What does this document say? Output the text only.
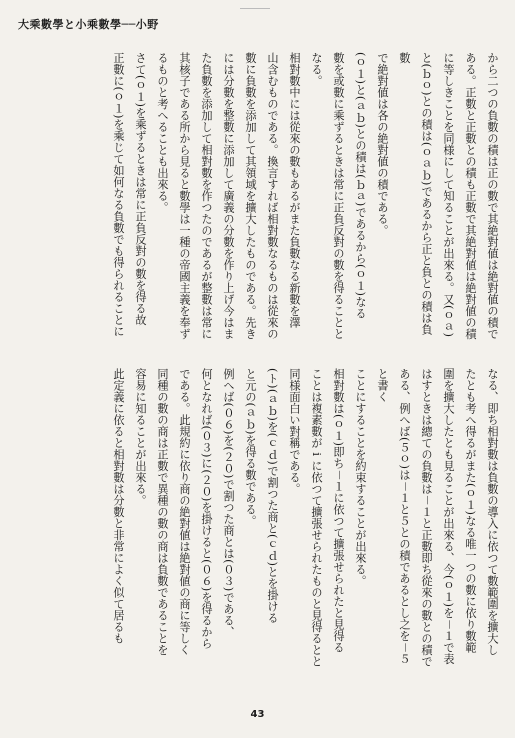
大乘數學と小乘數學──小野

から二つの負數の積は正の數で其絶對値は絶對値の積で

ある。正數と正數との積も正數で其絶對値は絶對値の積

に等しきことを同様にして知ることが出來る。又(ｏａ)

と(ｂｏ)との積は(ｏａｂ)であるから正と負との積は負數

で絶對値は各の絶對値の積である。

(ｏ１)と(ａｂ)との積は(ｂａ)であるから(ｏ１)なる

數を或數に乘ずるときは常に正負反對の數を得ることと

なる。

相對數中には從來の數もあるがまた負數なる新數を澤

山含むものである。換言すれば相對數なるものは從來の

數に負數を添加して其領域を擴大したものである。先き

には分數を整數に添加して廣義の分數を作り上げ今はま

た負數を添加して相對數を作つたのであるが整數は常に

其核子である所から見ると數學は一種の帝國主義を奉ず

るものと考へることも出來る。

さて(ｏ１)を乘ずるときは常に正負反對の數を得る故

正數に(ｏ１)を乘じて如何なる負數でも得られることに

なる、即ち相對數は負數の導入に依つて數範圍を擴大し

たとも考へ得るがまた(ｏ１)なる唯一つの數に依り數範

圍を擴大したとも見ることが出來る、今(ｏ１)を－１で表

はすときは總ての負數は－１と正數即ち從來の數との積で

ある、例へば(５ｏ)は－１と５との積であるとし之を－５と書く

ことにすることを約束することが出來る。

相對數は(ｏ１)即ち－１に依つて擴張せられたと見得る

ことは複素數が i に依つて擴張せられたものと見得るとと

同様面白い對稱である。

(ト)(ａｂ)を(ｃｄ)で割つた商と(ｃｄ)とを掛ける

と元の(ａｂ)を得る數である。

例へば(０６)を(２０)で割つた商とは(０３)である、

何となれば(０３)に(２０)を掛けると(０６)を得るから

である。此規約に依り商の絶對値は絶對値の商に等しく

同種の數の商は正數で異種の數の商は負數であることを

容易に知ることが出來る。

此定義に依ると相對數は分數と非常によく似て居るも

43
